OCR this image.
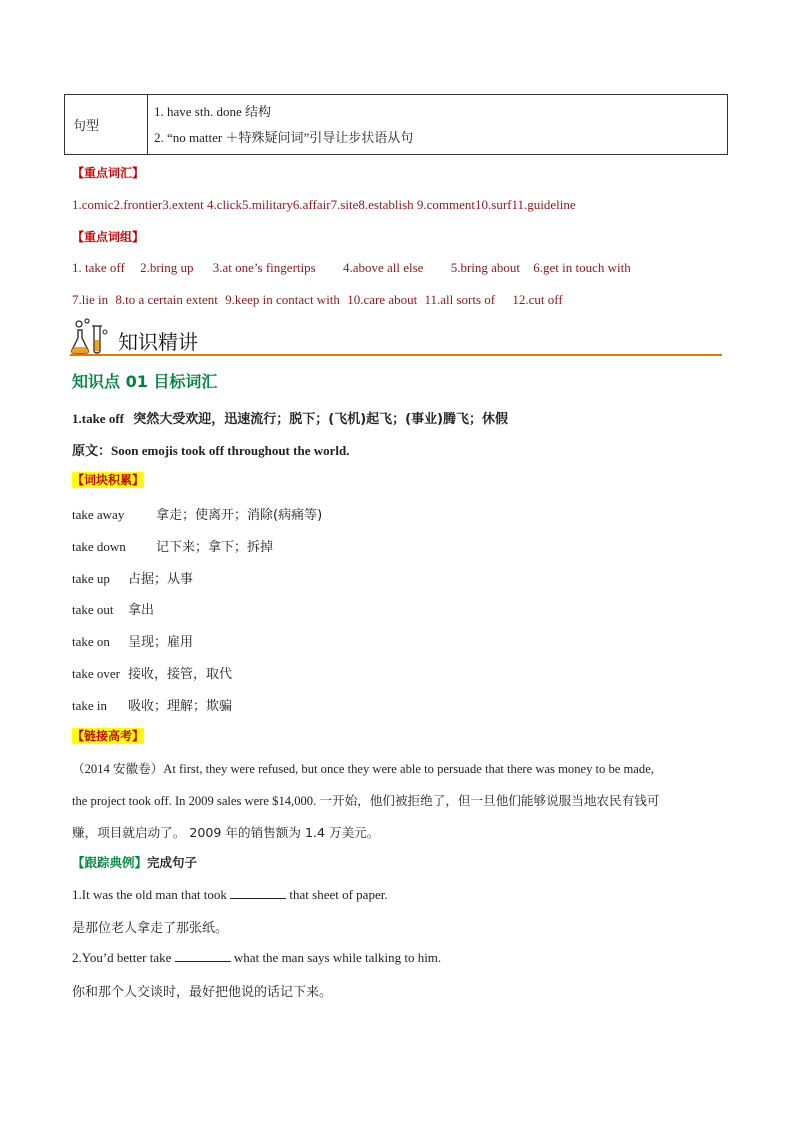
句型	
1. have sth. done 结构
2. “no matter ＋特殊疑问词”引导让步状语从句
【重点词汇】
1.comic2.frontier3.extent 4.click5.military6.affair7.site8.establish 9.comment10.surf11.guideline
【重点词组】
1. take off 2.bring up 3.at one’s fingertips 4.above all else 5.bring about 6.get in touch with
7.lie in 8.to a certain extent 9.keep in contact with 10.care about 11.all sorts of 12.cut off
知识精讲
知识点 01 目标词汇
1.take off 突然大受欢迎，迅速流行；脱下；(飞机)起飞；(事业)腾飞；休假
原文：Soon emojis took off throughout the world.
【词块积累】
take away 拿走；使离开；消除(病痛等)
take down 记下来；拿下；拆掉
take up 占据；从事
take out 拿出
take on 呈现；雇用
take over 接收，接管，取代
take in 吸收；理解；欺骗
【链接高考】
（2014 安徽卷）At first, they were refused, but once they were able to persuade that there was money to be made,
the project took off. In 2009 sales were $14,000. 一开始，他们被拒绝了，但一旦他们能够说服当地农民有钱可
赚，项目就启动了。 2009 年的销售额为 1.4 万美元。
【跟踪典例】完成句子
1.It was the old man that took	that sheet of paper.
是那位老人拿走了那张纸。
2.You’d better take	what the man says while talking to him.
你和那个人交谈时，最好把他说的话记下来。
